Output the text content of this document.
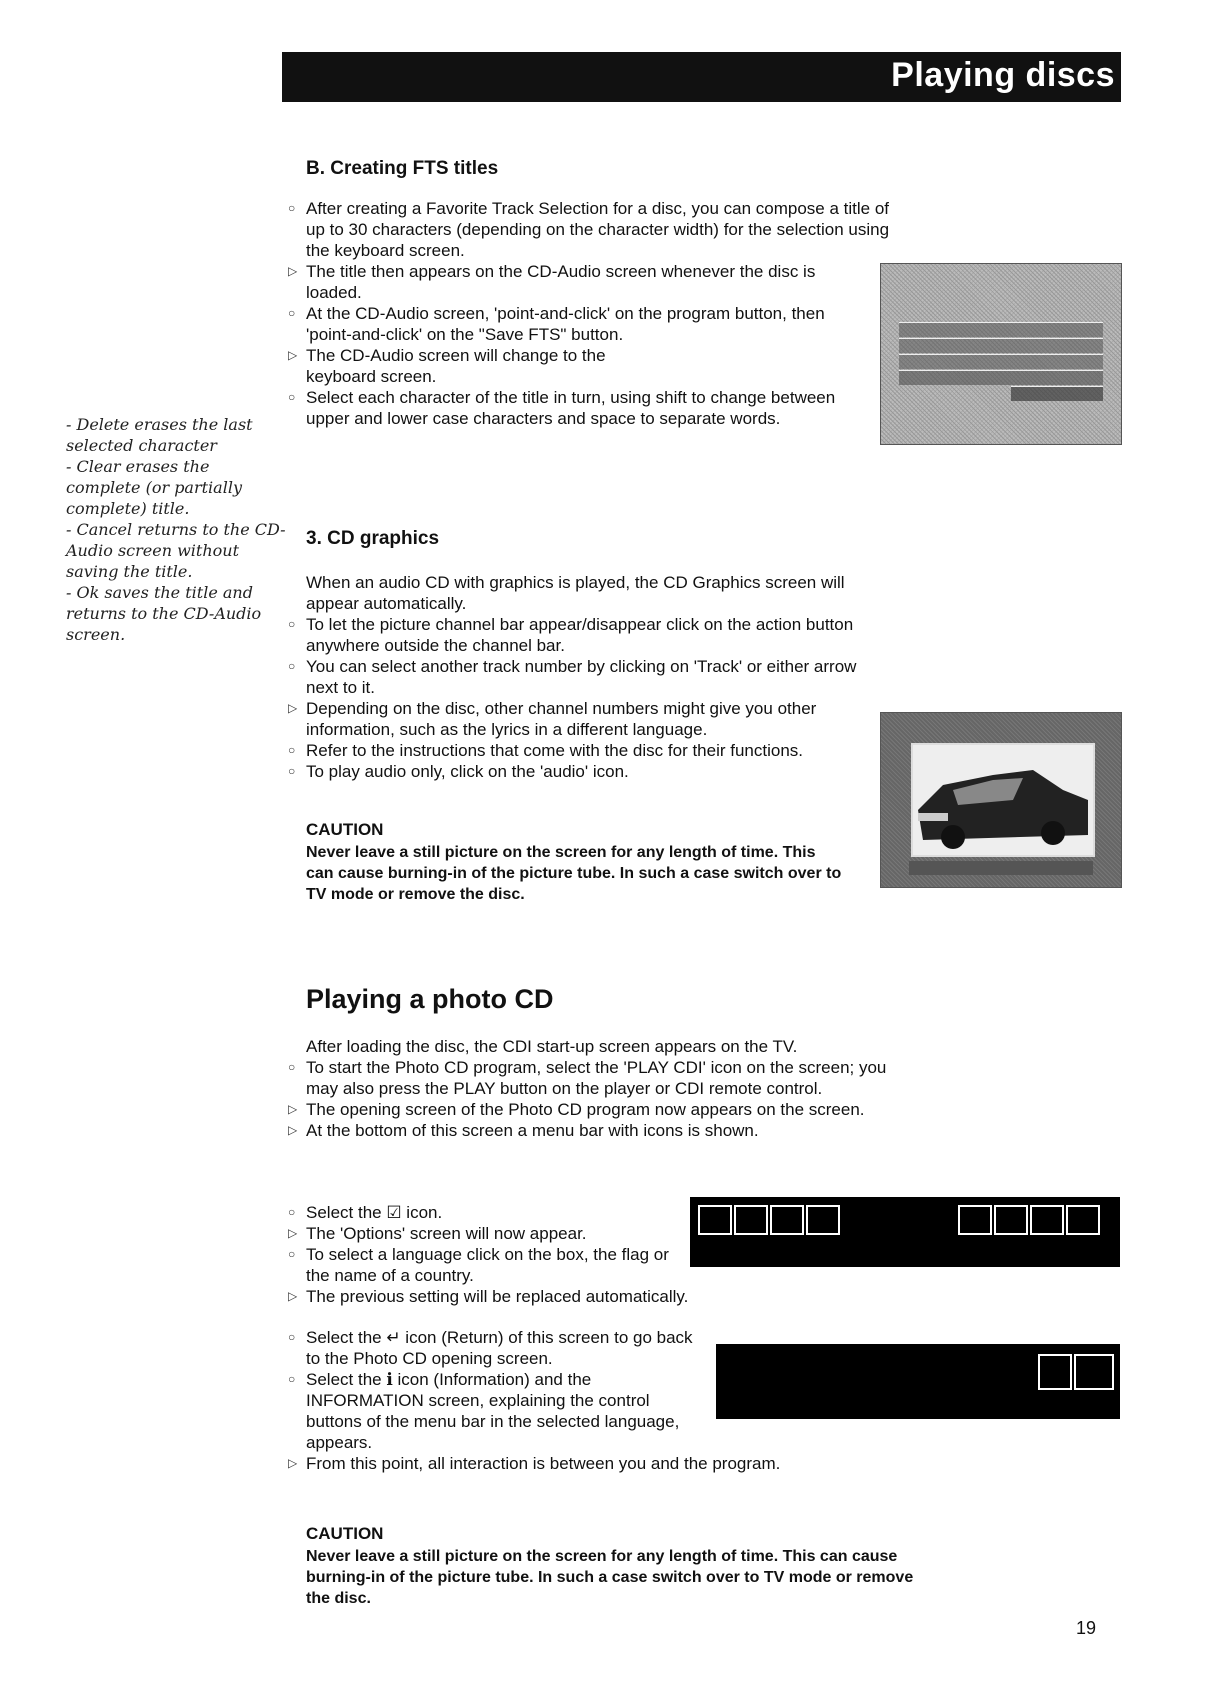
Playing discs
- Delete erases the last selected character
- Clear erases the complete (or partially complete) title.
- Cancel returns to the CD-Audio screen without saving the title.
- Ok saves the title and returns to the CD-Audio screen.
B. Creating FTS titles
○ After creating a Favorite Track Selection for a disc, you can compose a title of up to 30 characters (depending on the character width) for the selection using the keyboard screen.
▷ The title then appears on the CD-Audio screen whenever the disc is loaded.
○ At the CD-Audio screen, 'point-and-click' on the program button, then 'point-and-click' on the "Save FTS" button.
▷ The CD-Audio screen will change to the keyboard screen.
○ Select each character of the title in turn, using shift to change between upper and lower case characters and space to separate words.
3. CD graphics
When an audio CD with graphics is played, the CD Graphics screen will appear automatically.
○ To let the picture channel bar appear/disappear click on the action button anywhere outside the channel bar.
○ You can select another track number by clicking on 'Track' or either arrow next to it.
▷ Depending on the disc, other channel numbers might give you other information, such as the lyrics in a different language.
○ Refer to the instructions that come with the disc for their functions.
○ To play audio only, click on the 'audio' icon.
CAUTION
Never leave a still picture on the screen for any length of time. This can cause burning-in of the picture tube. In such a case switch over to TV mode or remove the disc.
Playing a photo CD
After loading the disc, the CDI start-up screen appears on the TV.
○ To start the Photo CD program, select the 'PLAY CDI' icon on the screen; you may also press the PLAY button on the player or CDI remote control.
▷ The opening screen of the Photo CD program now appears on the screen.
▷ At the bottom of this screen a menu bar with icons is shown.
○ Select the ☑ icon.
▷ The 'Options' screen will now appear.
○ To select a language click on the box, the flag or the name of a country.
▷ The previous setting will be replaced automatically.
○ Select the ↵ icon (Return) of this screen to go back to the Photo CD opening screen.
○ Select the ℹ icon (Information) and the INFORMATION screen, explaining the control buttons of the menu bar in the selected language, appears.
▷ From this point, all interaction is between you and the program.
CAUTION
Never leave a still picture on the screen for any length of time. This can cause burning-in of the picture tube. In such a case switch over to TV mode or remove the disc.
19
